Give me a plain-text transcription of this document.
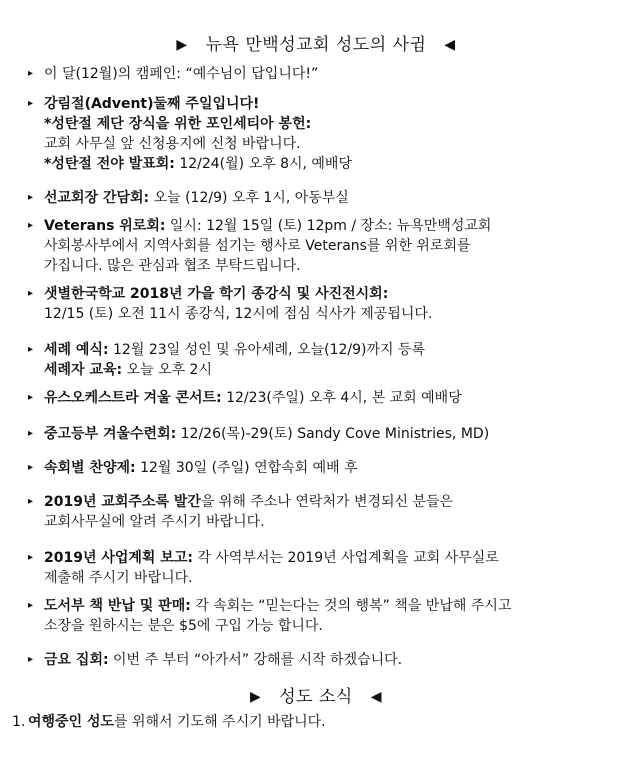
▶ 뉴욕 만백성교회 성도의 사귐 ◀
▸ 이 달(12월)의 캠페인: “예수님이 답입니다!”
▸ 강림절(Advent)둘째 주일입니다!
*성탄절 제단 장식을 위한 포인세티아 봉헌:
교회 사무실 앞 신청용지에 신청 바랍니다.
*성탄절 전야 발표회: 12/24(월) 오후 8시, 예배당
▸ 선교회장 간담회: 오늘 (12/9) 오후 1시, 아동부실
▸ Veterans 위로회: 일시: 12월 15일 (토) 12pm / 장소: 뉴욕만백성교회
사회봉사부에서 지역사회를 섬기는 행사로 Veterans를 위한 위로회를
가집니다. 많은 관심과 협조 부탁드립니다.
▸ 샛별한국학교 2018년 가을 학기 종강식 및 사진전시회:
12/15 (토) 오전 11시 종강식, 12시에 점심 식사가 제공됩니다.
▸ 세례 예식: 12월 23일 성인 및 유아세례, 오늘(12/9)까지 등록
세례자 교육: 오늘 오후 2시
▸ 유스오케스트라 겨울 콘서트: 12/23(주일) 오후 4시, 본 교회 예배당
▸ 중고등부 겨울수련회: 12/26(목)-29(토) Sandy Cove Ministries, MD)
▸ 속회별 찬양제: 12월 30일 (주일) 연합속회 예배 후
▸ 2019년 교회주소록 발간을 위해 주소나 연락처가 변경되신 분들은
교회사무실에 알려 주시기 바랍니다.
▸ 2019년 사업계획 보고: 각 사역부서는 2019년 사업계획을 교회 사무실로
제출해 주시기 바랍니다.
▸ 도서부 책 반납 및 판매: 각 속회는 “믿는다는 것의 행복” 책을 반납해 주시고
소장을 원하시는 분은 $5에 구입 가능 합니다.
▸ 금요 집회: 이번 주 부터 “아가서” 강해를 시작 하겠습니다.
▶ 성도 소식 ◀
1. 여행중인 성도를 위해서 기도해 주시기 바랍니다.
